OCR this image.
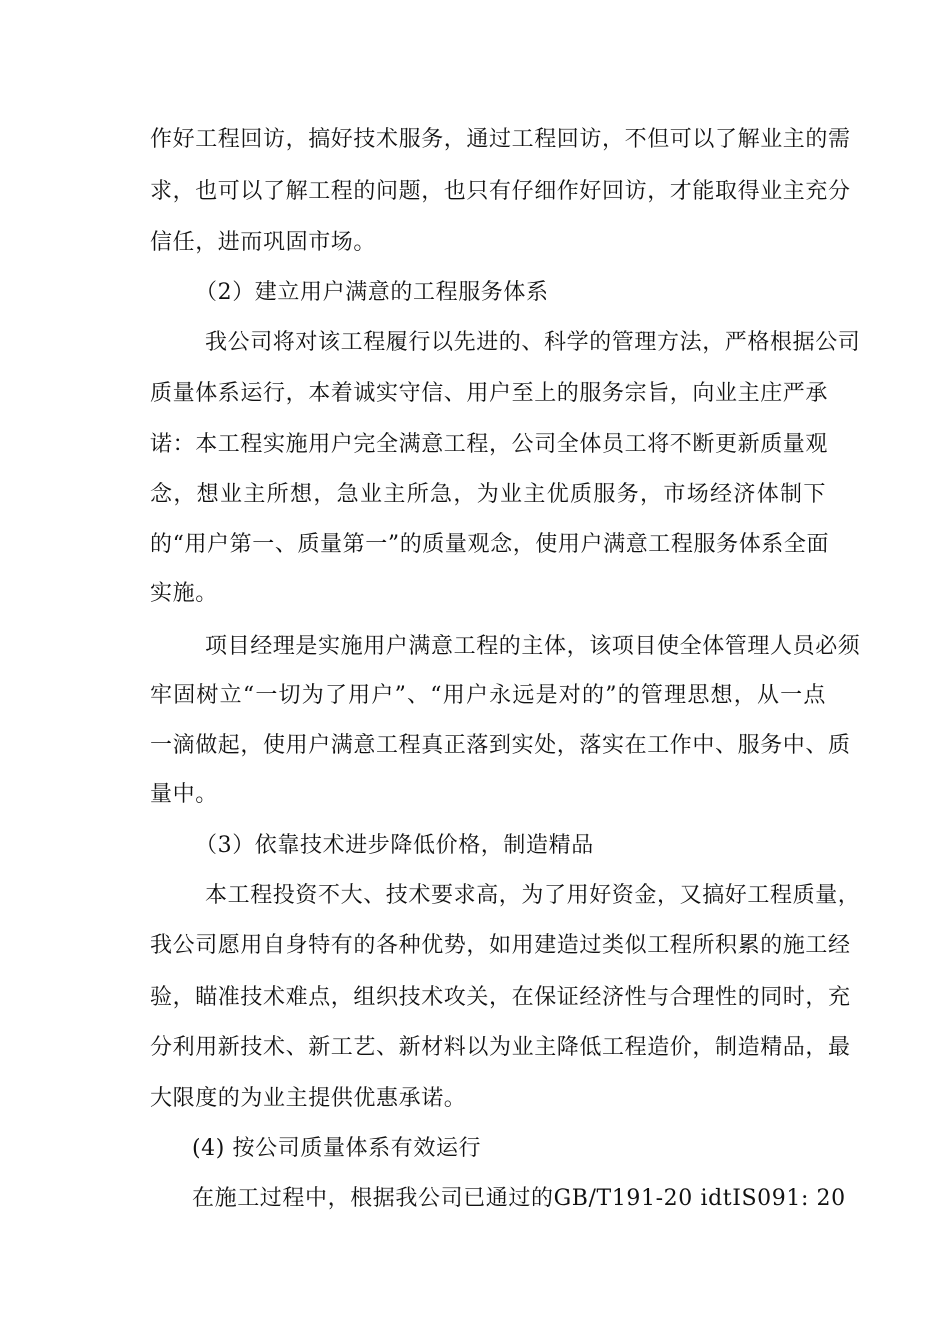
作好工程回访，搞好技术服务，通过工程回访，不但可以了解业主的需
求，也可以了解工程的问题，也只有仔细作好回访，才能取得业主充分
信任，进而巩固市场。
（2）建立用户满意的工程服务体系
我公司将对该工程履行以先进的、科学的管理方法，严格根据公司
质量体系运行，本着诚实守信、用户至上的服务宗旨，向业主庄严承
诺：本工程实施用户完全满意工程，公司全体员工将不断更新质量观
念，想业主所想，急业主所急，为业主优质服务，市场经济体制下
的“用户第一、质量第一”的质量观念，使用户满意工程服务体系全面
实施。
项目经理是实施用户满意工程的主体，该项目使全体管理人员必须
牢固树立“一切为了用户”、“用户永远是对的”的管理思想，从一点
一滴做起，使用户满意工程真正落到实处，落实在工作中、服务中、质
量中。
（3）依靠技术进步降低价格，制造精品
本工程投资不大、技术要求高，为了用好资金，又搞好工程质量，
我公司愿用自身特有的各种优势，如用建造过类似工程所积累的施工经
验，瞄准技术难点，组织技术攻关，在保证经济性与合理性的同时，充
分利用新技术、新工艺、新材料以为业主降低工程造价，制造精品，最
大限度的为业主提供优惠承诺。
(4) 按公司质量体系有效运行
在施工过程中，根据我公司已通过的GB/T191-20 idtIS091: 20
